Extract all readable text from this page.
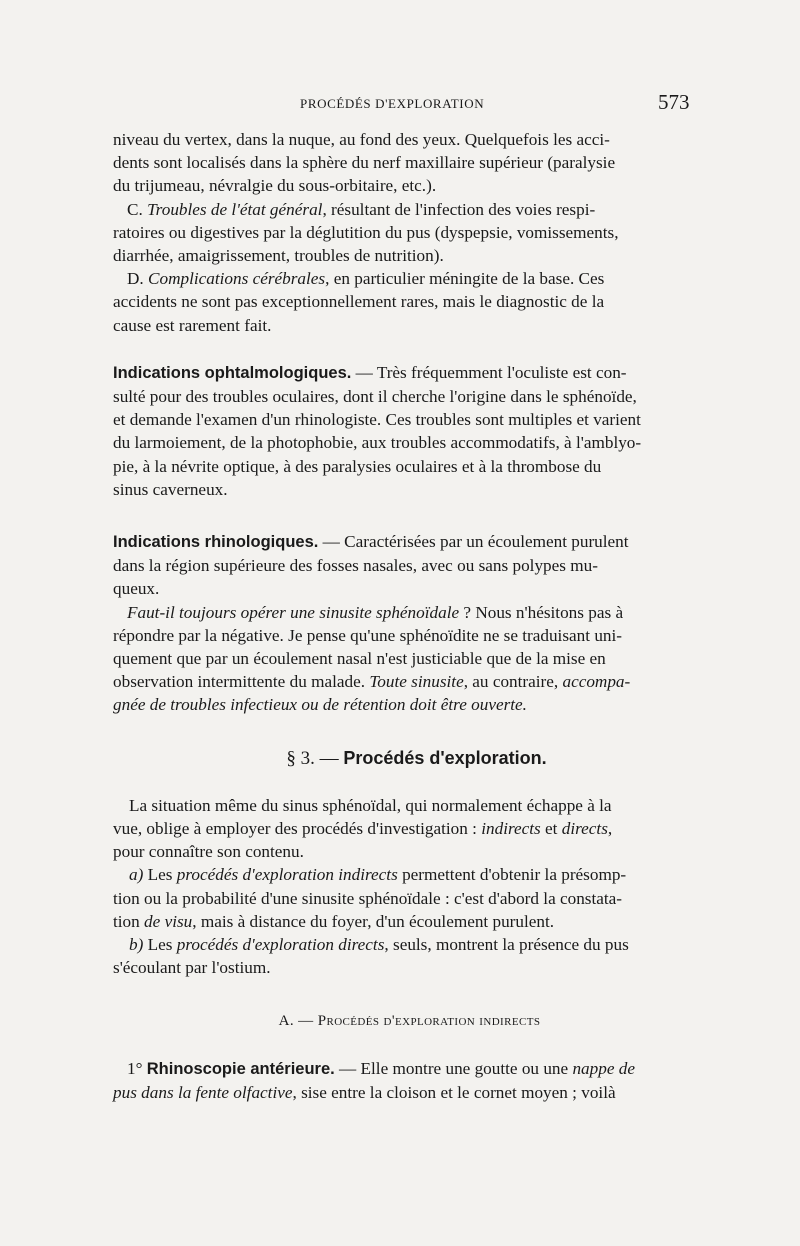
PROCÉDÉS D'EXPLORATION	573
niveau du vertex, dans la nuque, au fond des yeux. Quelquefois les acci-
dents sont localisés dans la sphère du nerf maxillaire supérieur (paralysie
du trijumeau, névralgie du sous-orbitaire, etc.).
C. Troubles de l'état général, résultant de l'infection des voies respi-
ratoires ou digestives par la déglutition du pus (dyspepsie, vomissements,
diarrhée, amaigrissement, troubles de nutrition).
D. Complications cérébrales, en particulier méningite de la base. Ces
accidents ne sont pas exceptionnellement rares, mais le diagnostic de la
cause est rarement fait.
Indications ophtalmologiques. — Très fréquemment l'oculiste est con-
sulté pour des troubles oculaires, dont il cherche l'origine dans le sphénoïde,
et demande l'examen d'un rhinologiste. Ces troubles sont multiples et varient
du larmoiement, de la photophobie, aux troubles accommodatifs, à l'amblyo-
pie, à la névrite optique, à des paralysies oculaires et à la thrombose du
sinus caverneux.
Indications rhinologiques. — Caractérisées par un écoulement purulent
dans la région supérieure des fosses nasales, avec ou sans polypes mu-
queux.
Faut-il toujours opérer une sinusite sphénoïdale ? Nous n'hésitons pas à
répondre par la négative. Je pense qu'une sphénoïdite ne se traduisant uni-
quement que par un écoulement nasal n'est justiciable que de la mise en
observation intermittente du malade. Toute sinusite, au contraire, accompa-
gnée de troubles infectieux ou de rétention doit être ouverte.
§ 3. — Procédés d'exploration.
La situation même du sinus sphénoïdal, qui normalement échappe à la
vue, oblige à employer des procédés d'investigation : indirects et directs,
pour connaître son contenu.
a) Les procédés d'exploration indirects permettent d'obtenir la présomp-
tion ou la probabilité d'une sinusite sphénoïdale : c'est d'abord la constata-
tion de visu , mais à distance du foyer, d'un écoulement purulent.
b) Les procédés d'exploration directs, seuls, montrent la présence du pus
s'écoulant par l'ostium.
A. — Procédés d'exploration indirects
1° Rhinoscopie antérieure. — Elle montre une goutte ou une nappe de
pus dans la fente olfactive, sise entre la cloison et le cornet moyen ; voilà
